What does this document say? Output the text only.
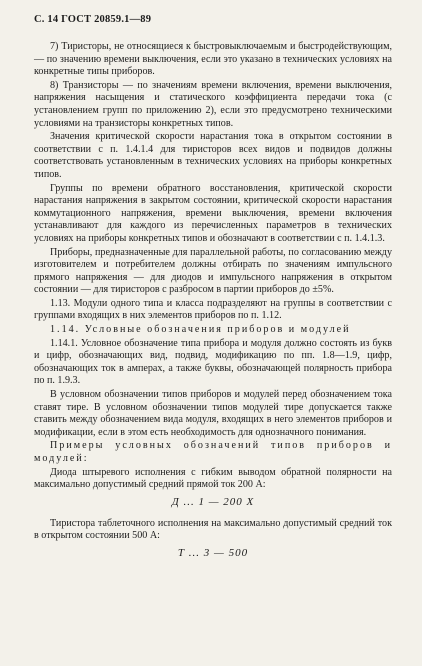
С. 14 ГОСТ 20859.1—89

7) Тиристоры, не относящиеся к быстровыключаемым и быстродействующим,— по значению времени выключения, если это указано в технических условиях на конкретные типы приборов.

8) Транзисторы — по значениям времени включения, времени выключения, напряжения насыщения и статического коэффициента передачи тока (с установлением групп по приложению 2), если это предусмотрено техническими условиями на транзисторы конкретных типов.

Значения критической скорости нарастания тока в открытом состоянии в соответствии с п. 1.4.1.4 для тиристоров всех видов и подвидов должны соответствовать установленным в технических условиях на приборы конкретных типов.

Группы по времени обратного восстановления, критической скорости нарастания напряжения в закрытом состоянии, критической скорости нарастания коммутационного напряжения, времени выключения, времени включения устанавливают для каждого из перечисленных параметров в технических условиях на приборы конкретных типов и обозначают в соответствии с п. 1.4.1.3.

Приборы, предназначенные для параллельной работы, по согласованию между изготовителем и потребителем должны отбирать по значениям импульсного прямого напряжения — для диодов и импульсного напряжения в открытом состоянии — для тиристоров с разбросом в партии приборов до ±5%.

1.13. Модули одного типа и класса подразделяют на группы в соответствии с группами входящих в них элементов приборов по п. 1.12.

1.14. Условные обозначения приборов и модулей

1.14.1. Условное обозначение типа прибора и модуля должно состоять из букв и цифр, обозначающих вид, подвид, модификацию по пп. 1.8—1.9, цифр, обозначающих ток в амперах, а также буквы, обозначающей полярность прибора по п. 1.9.3.

В условном обозначении типов приборов и модулей перед обозначением тока ставят тире. В условном обозначении типов модулей тире допускается также ставить между обозначением вида модуля, входящих в него элементов приборов и модификации, если в этом есть необходимость для однозначного понимания.

Примеры условных обозначений типов приборов и модулей:

Диода штыревого исполнения с гибким выводом обратной полярности на максимально допустимый средний прямой ток 200 А:

Д ... 1 — 200 Х

Тиристора таблеточного исполнения на максимально допустимый средний ток в открытом состоянии 500 А:

Т ... 3 — 500
